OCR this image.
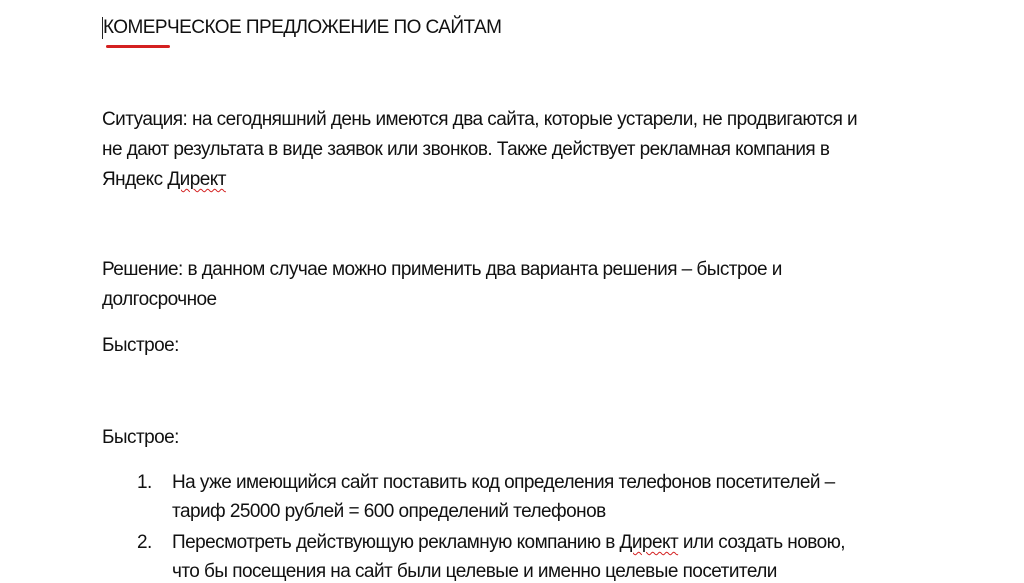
КОМЕРЧЕСКОЕ ПРЕДЛОЖЕНИЕ ПО САЙТАМ
Ситуация: на сегодняшний день имеются два сайта, которые устарели, не продвигаются и
не дают результата в виде заявок или звонков. Также действует рекламная компания в
Яндекс Директ
Решение: в данном случае можно применить два варианта решения – быстрое и
долгосрочное
Быстрое:
Быстрое:
1. На уже имеющийся сайт поставить код определения телефонов посетителей –
тариф 25000 рублей = 600 определений телефонов
2. Пересмотреть действующую рекламную компанию в Директ или создать новою,
что бы посещения на сайт были целевые и именно целевые посетители
